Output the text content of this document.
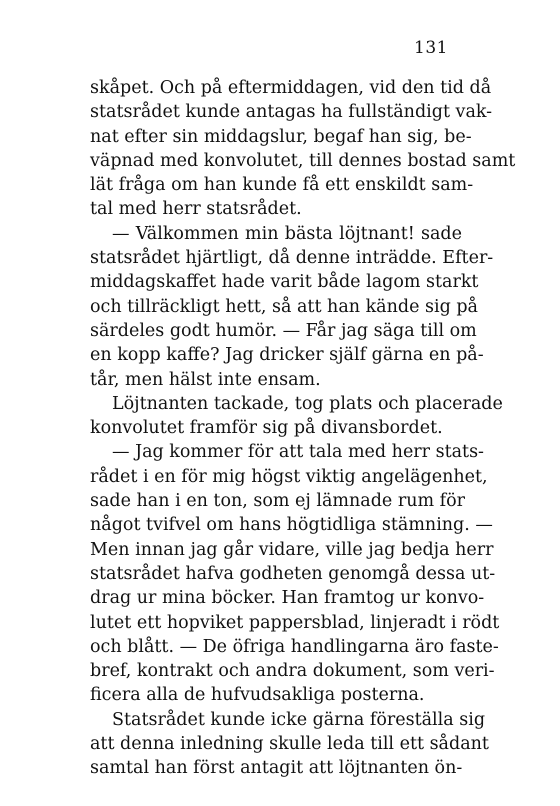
131
skåpet. Och på eftermiddagen, vid den tid då
statsrådet kunde antagas ha fullständigt vak-
nat efter sin middagslur, begaf han sig, be-
väpnad med konvolutet, till dennes bostad samt
lät fråga om han kunde få ett enskildt sam-
tal med herr statsrådet.
— Välkommen min bästa löjtnant! sade
statsrådet hjärtligt, då denne inträdde. Efter-
middagskaffet hade varit både lagom starkt
och tillräckligt hett, så att han kände sig på
särdeles godt humör. — Får jag säga till om
en kopp kaffe? Jag dricker själf gärna en på-
tår, men hälst inte ensam.
Löjtnanten tackade, tog plats och placerade
konvolutet framför sig på divansbordet.
— Jag kommer för att tala med herr stats-
rådet i en för mig högst viktig angelägenhet,
sade han i en ton, som ej lämnade rum för
något tvifvel om hans högtidliga stämning. —
Men innan jag går vidare, ville jag bedja herr
statsrådet hafva godheten genomgå dessa ut-
drag ur mina böcker. Han framtog ur konvo-
lutet ett hopviket pappersblad, linjeradt i rödt
och blått. — De öfriga handlingarna äro faste-
bref, kontrakt och andra dokument, som veri-
ficera alla de hufvudsakliga posterna.
Statsrådet kunde icke gärna föreställa sig
att denna inledning skulle leda till ett sådant
samtal han först antagit att löjtnanten ön-
